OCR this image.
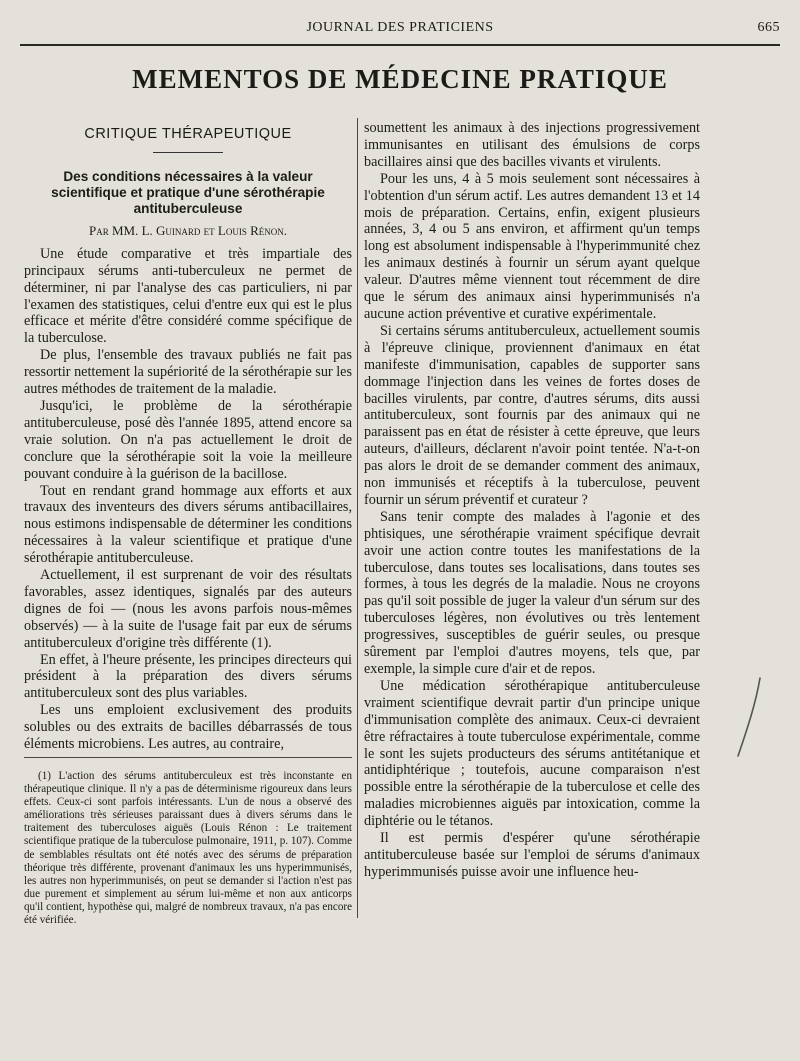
JOURNAL DES PRATICIENS	665
MEMENTOS DE MÉDECINE PRATIQUE
CRITIQUE THÉRAPEUTIQUE
Des conditions nécessaires à la valeur scientifique et pratique d'une sérothérapie antituberculeuse
Par MM. L. Guinard et Louis Rénon.

Une étude comparative et très impartiale des principaux sérums anti-tuberculeux ne permet de déterminer, ni par l'analyse des cas particuliers, ni par l'examen des statistiques, celui d'entre eux qui est le plus efficace et mérite d'être considéré comme spécifique de la tuberculose.

De plus, l'ensemble des travaux publiés ne fait pas ressortir nettement la supériorité de la sérothérapie sur les autres méthodes de traitement de la maladie.

Jusqu'ici, le problème de la sérothérapie antituberculeuse, posé dès l'année 1895, attend encore sa vraie solution. On n'a pas actuellement le droit de conclure que la sérothérapie soit la voie la meilleure pouvant conduire à la guérison de la bacillose.

Tout en rendant grand hommage aux efforts et aux travaux des inventeurs des divers sérums antibacillaires, nous estimons indispensable de déterminer les conditions nécessaires à la valeur scientifique et pratique d'une sérothérapie antituberculeuse.

Actuellement, il est surprenant de voir des résultats favorables, assez identiques, signalés par des auteurs dignes de foi — (nous les avons parfois nous-mêmes observés) — à la suite de l'usage fait par eux de sérums antituberculeux d'origine très différente (1).

En effet, à l'heure présente, les principes directeurs qui président à la préparation des divers sérums antituberculeux sont des plus variables.

Les uns emploient exclusivement des produits solubles ou des extraits de bacilles débarrassés de tous éléments microbiens. Les autres, au contraire,

(1) L'action des sérums antituberculeux est très inconstante en thérapeutique clinique. Il n'y a pas de déterminisme rigoureux dans leurs effets. Ceux-ci sont parfois intéressants. L'un de nous a observé des améliorations très sérieuses paraissant dues à divers sérums dans le traitement des tuberculoses aiguës (Louis Rénon : Le traitement scientifique pratique de la tuberculose pulmonaire, 1911, p. 107). Comme de semblables résultats ont été notés avec des sérums de préparation théorique très différente, provenant d'animaux les uns hyperimmunisés, les autres non hyperimmunisés, on peut se demander si l'action n'est pas due purement et simplement au sérum lui-même et non aux anticorps qu'il contient, hypothèse qui, malgré de nombreux travaux, n'a pas encore été vérifiée.

soumettent les animaux à des injections progressivement immunisantes en utilisant des émulsions de corps bacillaires ainsi que des bacilles vivants et virulents.

Pour les uns, 4 à 5 mois seulement sont nécessaires à l'obtention d'un sérum actif. Les autres demandent 13 et 14 mois de préparation. Certains, enfin, exigent plusieurs années, 3, 4 ou 5 ans environ, et affirment qu'un temps long est absolument indispensable à l'hyperimmunité chez les animaux destinés à fournir un sérum ayant quelque valeur. D'autres même viennent tout récemment de dire que le sérum des animaux ainsi hyperimmunisés n'a aucune action préventive et curative expérimentale.

Si certains sérums antituberculeux, actuellement soumis à l'épreuve clinique, proviennent d'animaux en état manifeste d'immunisation, capables de supporter sans dommage l'injection dans les veines de fortes doses de bacilles virulents, par contre, d'autres sérums, dits aussi antituberculeux, sont fournis par des animaux qui ne paraissent pas en état de résister à cette épreuve, que leurs auteurs, d'ailleurs, déclarent n'avoir point tentée. N'a-t-on pas alors le droit de se demander comment des animaux, non immunisés et réceptifs à la tuberculose, peuvent fournir un sérum préventif et curateur ?

Sans tenir compte des malades à l'agonie et des phtisiques, une sérothérapie vraiment spécifique devrait avoir une action contre toutes les manifestations de la tuberculose, dans toutes ses localisations, dans toutes ses formes, à tous les degrés de la maladie. Nous ne croyons pas qu'il soit possible de juger la valeur d'un sérum sur des tuberculoses légères, non évolutives ou très lentement progressives, susceptibles de guérir seules, ou presque sûrement par l'emploi d'autres moyens, tels que, par exemple, la simple cure d'air et de repos.

Une médication sérothérapique antituberculeuse vraiment scientifique devrait partir d'un principe unique d'immunisation complète des animaux. Ceux-ci devraient être réfractaires à toute tuberculose expérimentale, comme le sont les sujets producteurs des sérums antitétanique et antidiphtérique ; toutefois, aucune comparaison n'est possible entre la sérothérapie de la tuberculose et celle des maladies microbiennes aiguës par intoxication, comme la diphtérie ou le tétanos.

Il est permis d'espérer qu'une sérothérapie antituberculeuse basée sur l'emploi de sérums d'animaux hyperimmunisés puisse avoir une influence heu-
